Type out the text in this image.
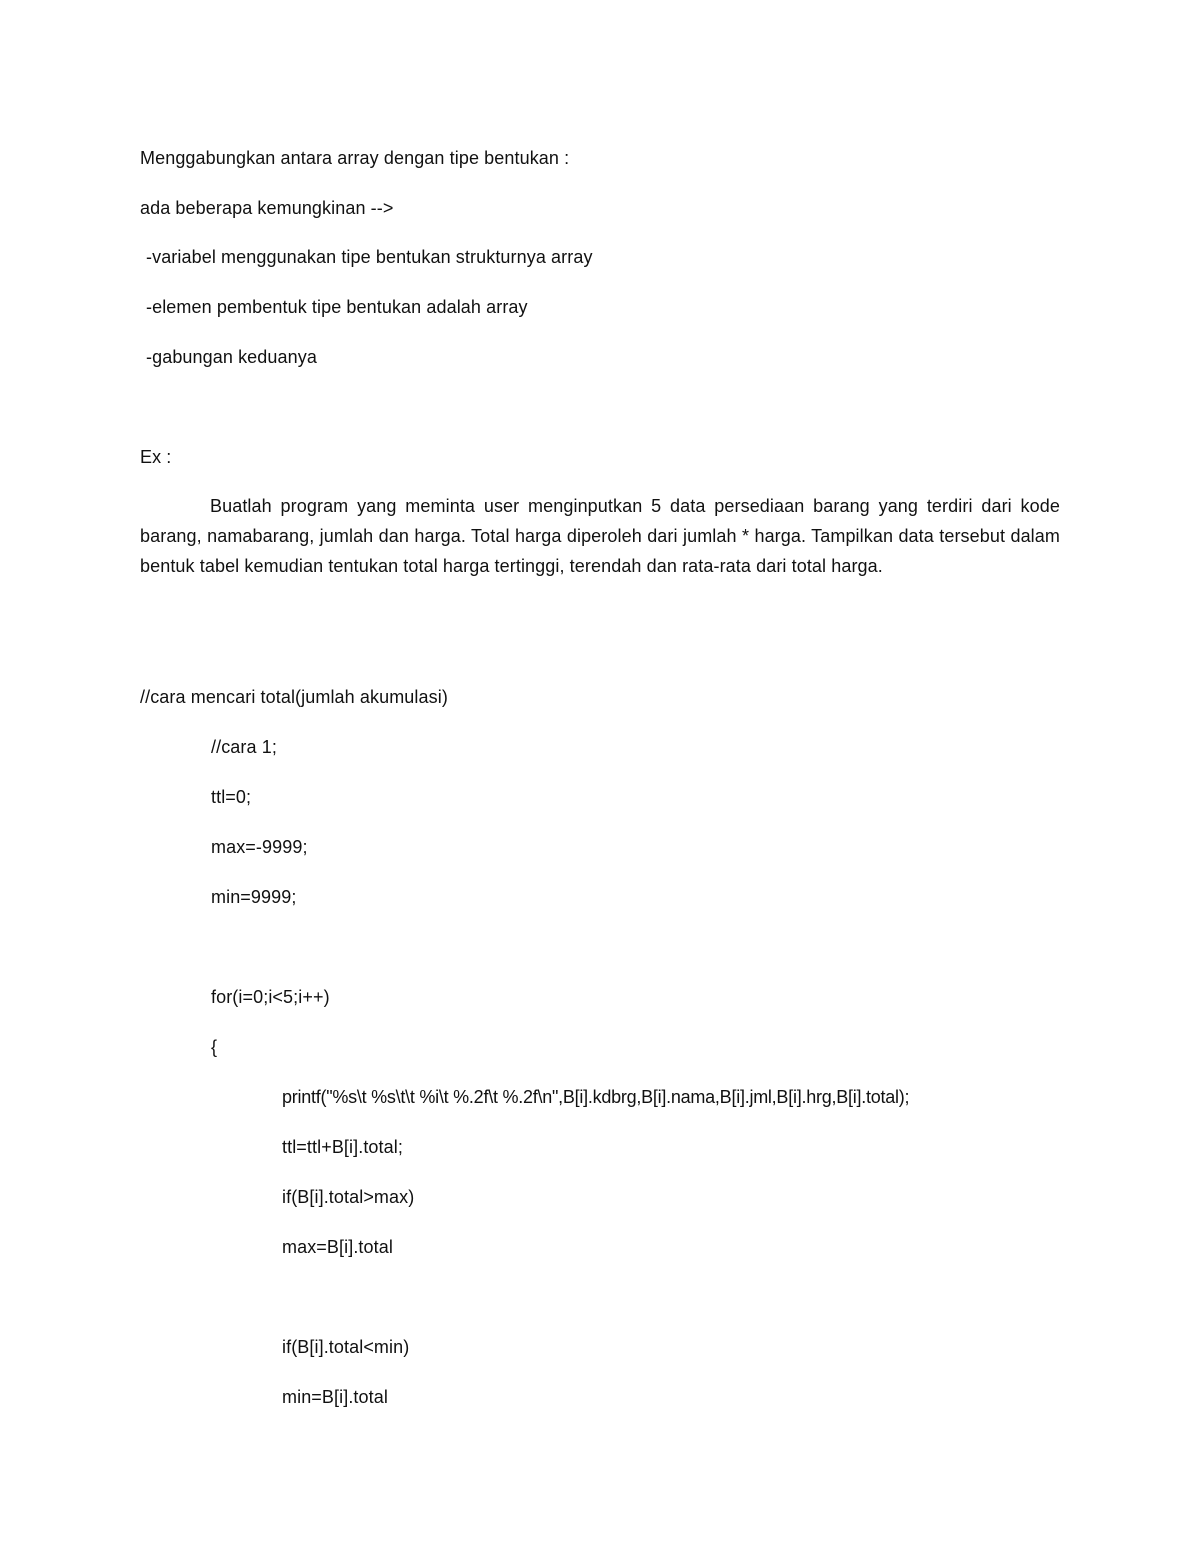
Menggabungkan antara array dengan tipe bentukan :
ada beberapa kemungkinan -->
-variabel menggunakan tipe bentukan strukturnya array
-elemen pembentuk tipe bentukan adalah array
-gabungan keduanya
Ex :
Buatlah program yang meminta user menginputkan 5 data persediaan barang yang terdiri dari kode barang, namabarang, jumlah dan harga. Total harga diperoleh dari jumlah * harga. Tampilkan data tersebut dalam bentuk tabel kemudian tentukan total harga tertinggi, terendah dan rata-rata dari total harga.
//cara mencari total(jumlah akumulasi)
//cara 1;
ttl=0;
max=-9999;
min=9999;
for(i=0;i<5;i++)
{
printf("%s\t %s\t\t %i\t %.2f\t %.2f\n",B[i].kdbrg,B[i].nama,B[i].jml,B[i].hrg,B[i].total);
ttl=ttl+B[i].total;
if(B[i].total>max)
max=B[i].total
if(B[i].total<min)
min=B[i].total
